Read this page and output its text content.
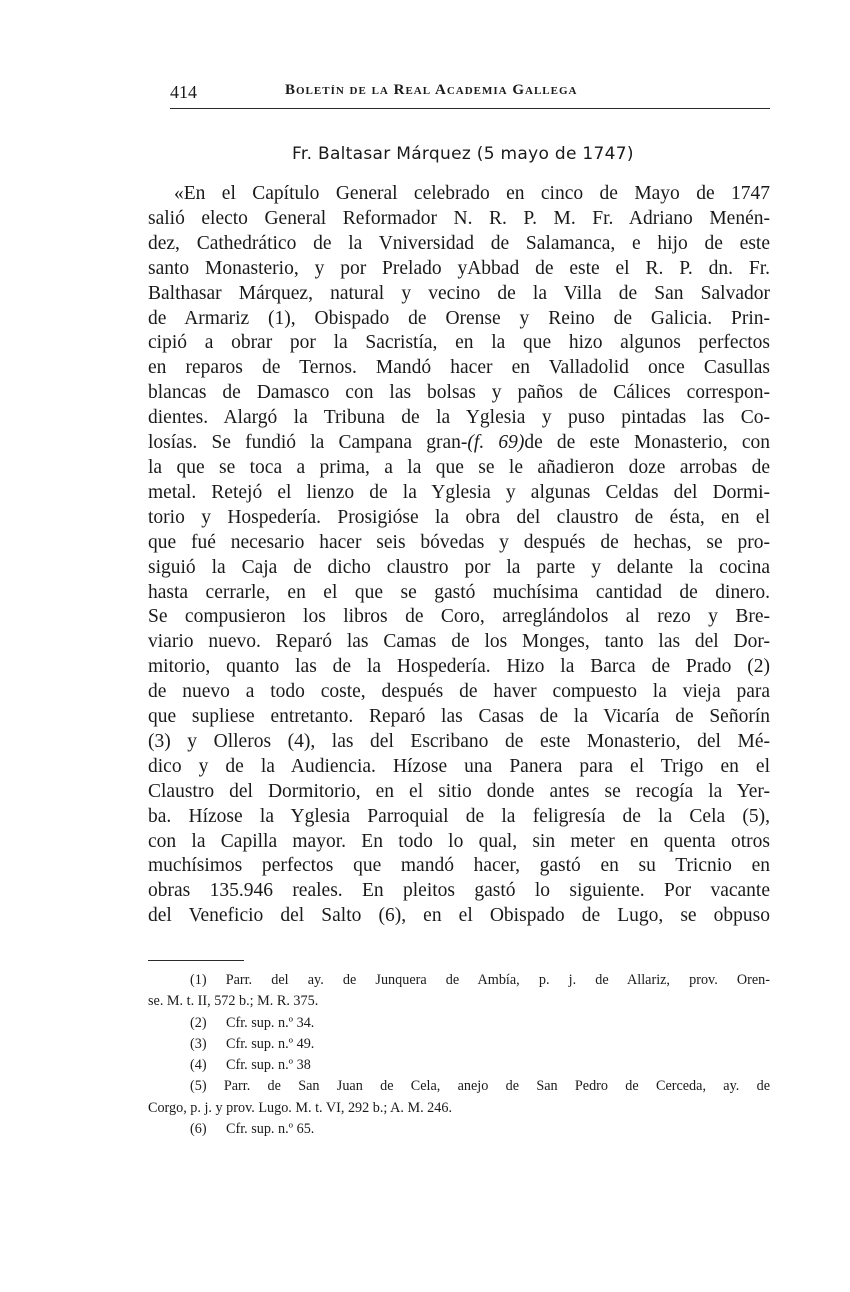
414	Boletín de la Real Academia Gallega
Fr. Baltasar Márquez (5 mayo de 1747)
«En el Capítulo General celebrado en cinco de Mayo de 1747
salió electo General Reformador N. R. P. M. Fr. Adriano Menén-
dez, Cathedrático de la Vniversidad de Salamanca, e hijo de este
santo Monasterio, y por Prelado yAbbad de este el R. P. dn. Fr.
Balthasar Márquez, natural y vecino de la Villa de San Salvador
de Armariz (1), Obispado de Orense y Reino de Galicia. Prin-
cipió a obrar por la Sacristía, en la que hizo algunos perfectos
en reparos de Ternos. Mandó hacer en Valladolid once Casullas
blancas de Damasco con las bolsas y paños de Cálices correspon-
dientes. Alargó la Tribuna de la Yglesia y puso pintadas las Co-
losías. Se fundió la Campana gran-(f. 69)de de este Monasterio, con
la que se toca a prima, a la que se le añadieron doze arrobas de
metal. Retejó el lienzo de la Yglesia y algunas Celdas del Dormi-
torio y Hospedería. Prosigióse la obra del claustro de ésta, en el
que fué necesario hacer seis bóvedas y después de hechas, se pro-
siguió la Caja de dicho claustro por la parte y delante la cocina
hasta cerrarle, en el que se gastó muchísima cantidad de dinero.
Se compusieron los libros de Coro, arreglándolos al rezo y Bre-
viario nuevo. Reparó las Camas de los Monges, tanto las del Dor-
mitorio, quanto las de la Hospedería. Hizo la Barca de Prado (2)
de nuevo a todo coste, después de haver compuesto la vieja para
que supliese entretanto. Reparó las Casas de la Vicaría de Señorín
(3) y Olleros (4), las del Escribano de este Monasterio, del Mé-
dico y de la Audiencia. Hízose una Panera para el Trigo en el
Claustro del Dormitorio, en el sitio donde antes se recogía la Yer-
ba. Hízose la Yglesia Parroquial de la feligresía de la Cela (5),
con la Capilla mayor. En todo lo qual, sin meter en quenta otros
muchísimos perfectos que mandó hacer, gastó en su Tricnio en
obras 135.946 reales. En pleitos gastó lo siguiente. Por vacante
del Veneficio del Salto (6), en el Obispado de Lugo, se obpuso
(1) Parr. del ay. de Junquera de Ambía, p. j. de Allariz, prov. Oren-
se. M. t. II, 572 b.; M. R. 375.
(2) Cfr. sup. n.º 34.
(3) Cfr. sup. n.º 49.
(4) Cfr. sup. n.º 38
(5) Parr. de San Juan de Cela, anejo de San Pedro de Cerceda, ay. de
Corgo, p. j. y prov. Lugo. M. t. VI, 292 b.; A. M. 246.
(6) Cfr. sup. n.º 65.
